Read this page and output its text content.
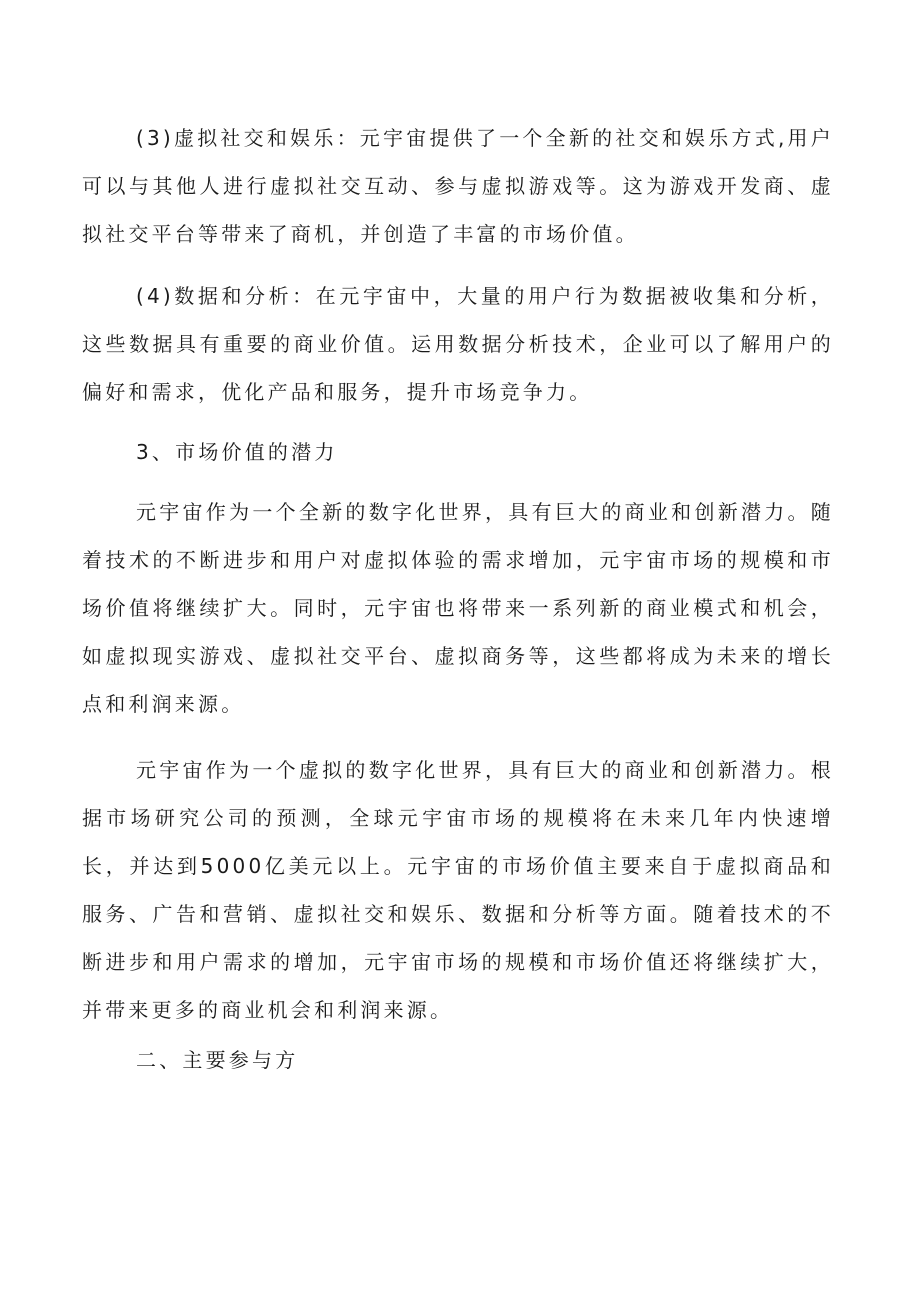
(3)虚拟社交和娱乐：元宇宙提供了一个全新的社交和娱乐方式,用户可以与其他人进行虚拟社交互动、参与虚拟游戏等。这为游戏开发商、虚拟社交平台等带来了商机，并创造了丰富的市场价值。

(4)数据和分析：在元宇宙中，大量的用户行为数据被收集和分析，这些数据具有重要的商业价值。运用数据分析技术，企业可以了解用户的偏好和需求，优化产品和服务，提升市场竞争力。

3、市场价值的潜力

元宇宙作为一个全新的数字化世界，具有巨大的商业和创新潜力。随着技术的不断进步和用户对虚拟体验的需求增加，元宇宙市场的规模和市场价值将继续扩大。同时，元宇宙也将带来一系列新的商业模式和机会，如虚拟现实游戏、虚拟社交平台、虚拟商务等，这些都将成为未来的增长点和利润来源。

元宇宙作为一个虚拟的数字化世界，具有巨大的商业和创新潜力。根据市场研究公司的预测，全球元宇宙市场的规模将在未来几年内快速增长，并达到5000亿美元以上。元宇宙的市场价值主要来自于虚拟商品和服务、广告和营销、虚拟社交和娱乐、数据和分析等方面。随着技术的不断进步和用户需求的增加，元宇宙市场的规模和市场价值还将继续扩大，并带来更多的商业机会和利润来源。

二、主要参与方
